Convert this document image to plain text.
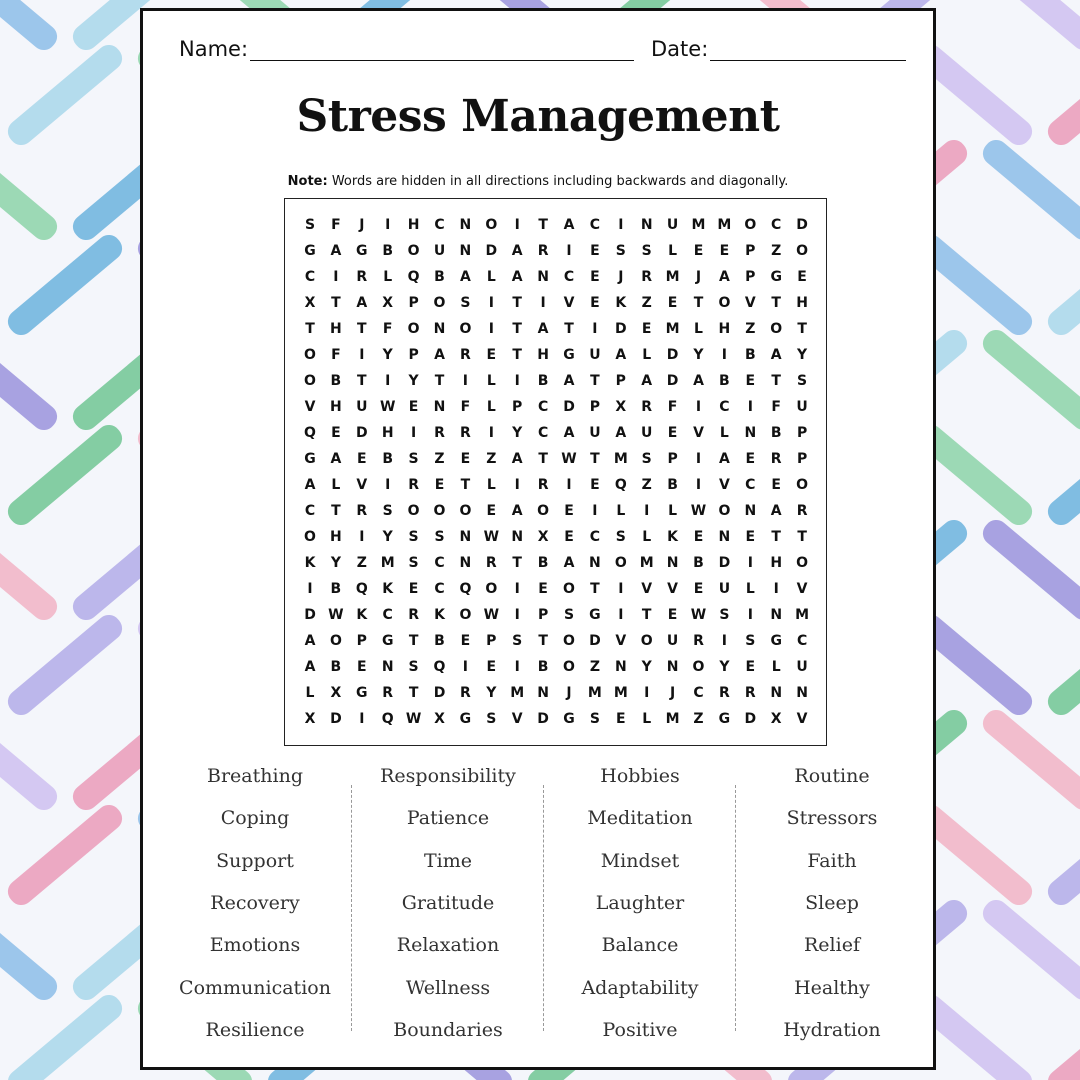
Name:	Date:
Stress Management
Note: Words are hidden in all directions including backwards and diagonally.
S	F	J	I	H	C	N	O	I	T	A	C	I	N	U M M O	C	D
G	A	G	B	O	U	N	D	A	R	I	E	S	S	L	E	E	P	Z	O
C	I	R	L	Q	B	A	L	A	N	C	E	J	R M	J	A	P	G	E
X	T	A	X	P	O	S	I	T	I	V	E	K	Z	E	T	O	V	T	H
T	H	T	F	O	N	O	I	T	A	T	I	D	E	M	L	H	Z	O	T
O	F	I	Y	P	A	R	E	T	H	G	U	A	L	D	Y	I	B	A	Y
O	B	T	I	Y	T	I	L	I	B	A	T	P	A	D	A	B	E	T	S
V	H	U W E	N	F	L	P	C	D	P	X	R	F	I	C	I	F	U
Q	E	D	H	I	R	R	I	Y	C	A	U	A	U	E	V	L	N	B	P
G	A	E	B	S	Z	E	Z	A	T W T	M S	P	I	A	E	R	P
A	L	V	I	R	E	T	L	I	R	I	E	Q	Z	B	I	V	C	E	O
C	T	R	S	O	O O	E	A	O	E	I	L	I	L W O	N	A	R
O	H	I	Y	S	S	N W N	X	E	C	S	L	K	E	N	E	T	T
K	Y	Z M S	C	N	R	T	B	A	N	O M N	B	D	I	H	O
I	B	Q	K	E	C	Q	O	I	E	O	T	I	V	V	E	U	L	I	V
D W K	C	R	K	O W	I	P	S	G	I	T	E W S	I	N M
A	O	P	G	T	B	E	P	S	T	O	D	V	O	U	R	I	S	G	C
A	B	E	N	S	Q	I	E	I	B	O	Z	N	Y	N	O	Y	E	L	U
L	X	G	R	T	D	R	Y M N	J	M M	I	J	C	R	R	N	N
X	D	I	Q W X	G	S	V	D	G	S	E	L	M Z	G	D	X	V
Breathing
Coping
Support
Recovery
Emotions
Communication
Resilience
Responsibility
Patience
Time
Gratitude
Relaxation
Wellness
Boundaries
Hobbies
Meditation
Mindset
Laughter
Balance
Adaptability
Positive
Routine
Stressors
Faith
Sleep
Relief
Healthy
Hydration
